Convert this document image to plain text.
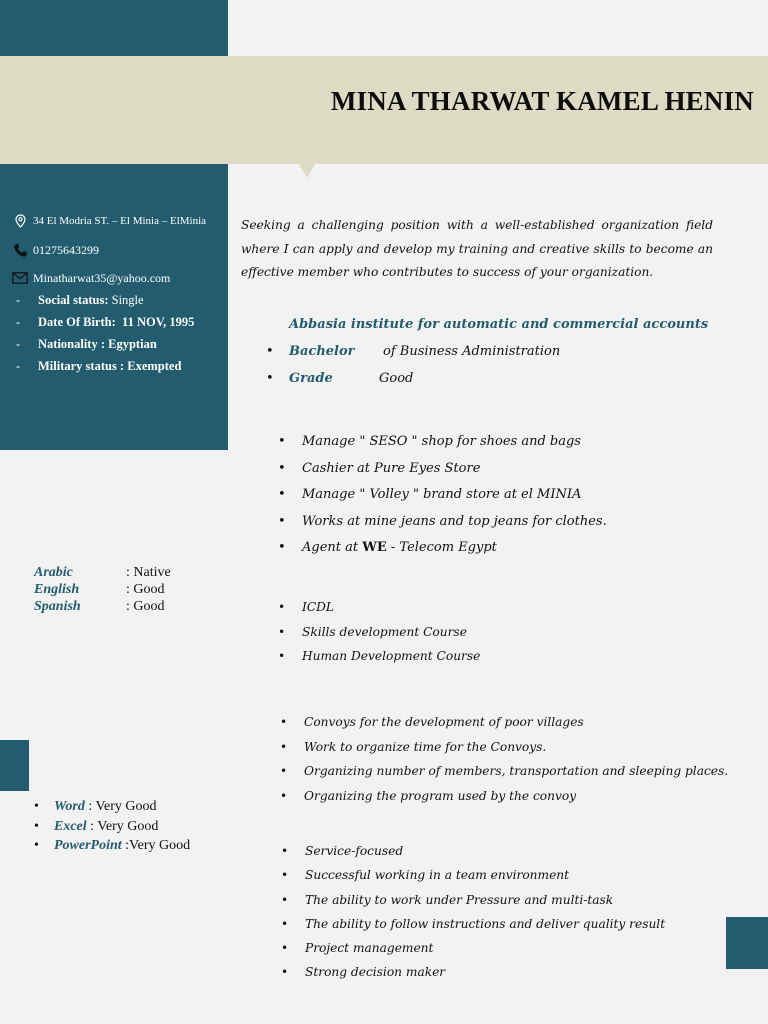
MINA THARWAT KAMEL HENIN
34 El Modria ST. – El Minia – ElMinia
01275643299
Minatharwat35@yahoo.com
- Social status: Single
- Date Of Birth:  11 NOV, 1995
- Nationality : Egyptian
- Military status : Exempted
Seeking a challenging position with a well-established organization field where I can apply and develop my training and creative skills to become an effective member who contributes to success of your organization.
Abbasia institute for automatic and commercial accounts
• Bachelor of Business Administration
• Grade	Good
• Manage " SESO " shop for shoes and bags
• Cashier at Pure Eyes Store
• Manage " Volley " brand store at el MINIA
• Works at mine jeans and top jeans for clothes.
• Agent at WE - Telecom Egypt
• ICDL
• Skills development Course
• Human Development Course
• Convoys for the development of poor villages
• Work to organize time for the Convoys.
• Organizing number of members, transportation and sleeping places.
• Organizing the program used by the convoy
• Service-focused
• Successful working in a team environment
• The ability to work under Pressure and multi-task
• The ability to follow instructions and deliver quality result
• Project management
• Strong decision maker
Arabic	: Native
English	: Good
Spanish	: Good
• Word : Very Good
• Excel : Very Good
• PowerPoint :Very Good
